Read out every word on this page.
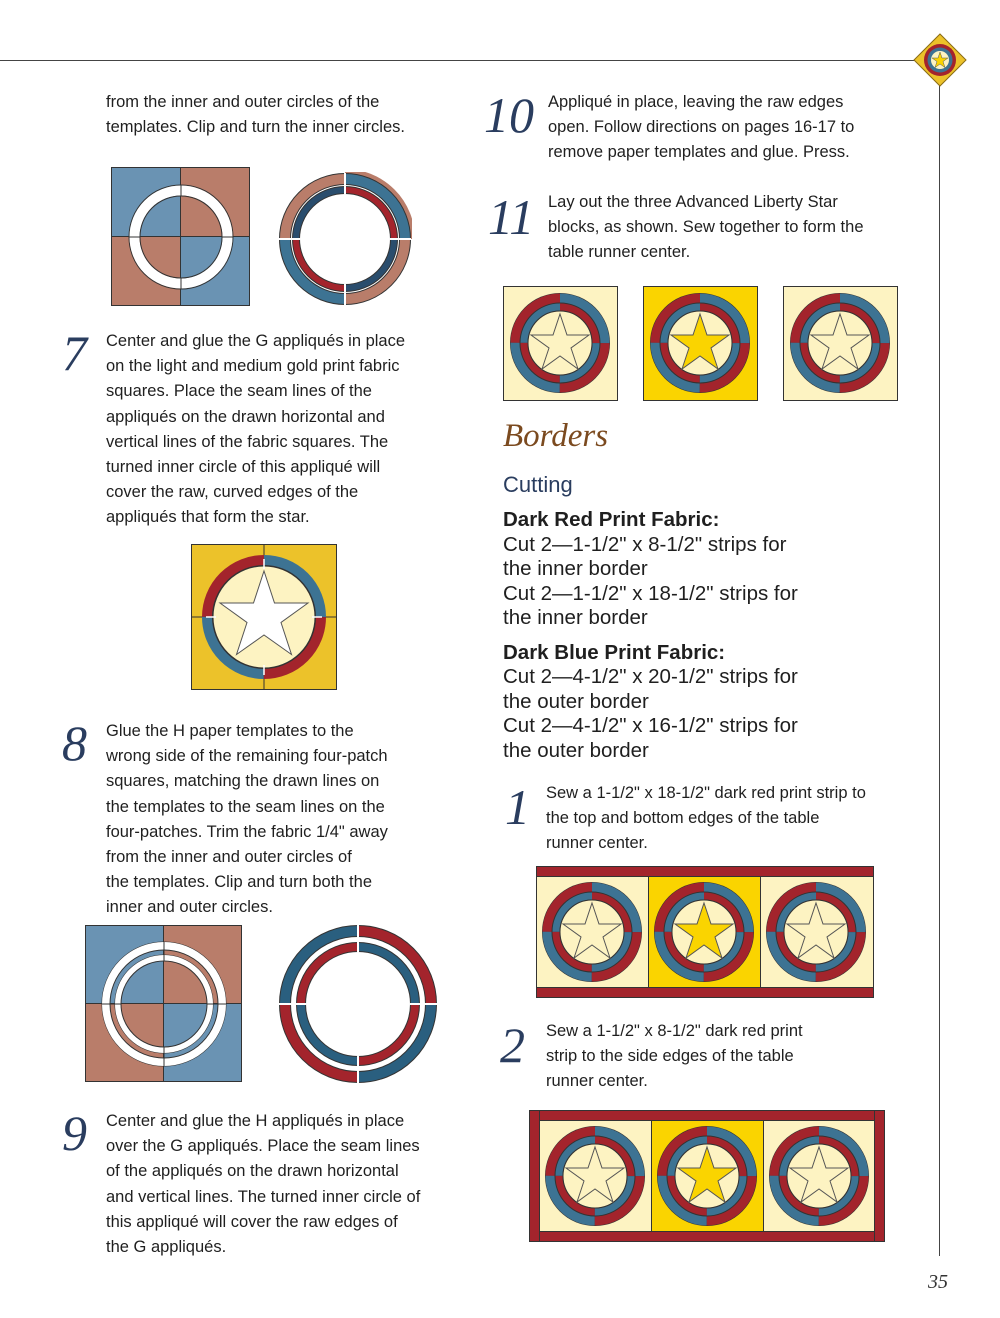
from the inner and outer circles of the
templates. Clip and turn the inner circles.
7 Center and glue the G appliqués in place
on the light and medium gold print fabric
squares. Place the seam lines of the
appliqués on the drawn horizontal and
vertical lines of the fabric squares. The
turned inner circle of this appliqué will
cover the raw, curved edges of the
appliqués that form the star.
8 Glue the H paper templates to the
wrong side of the remaining four-patch
squares, matching the drawn lines on
the templates to the seam lines on the
four-patches. Trim the fabric 1/4" away
from the inner and outer circles of
the templates. Clip and turn both the
inner and outer circles.
9 Center and glue the H appliqués in place
over the G appliqués. Place the seam lines
of the appliqués on the drawn horizontal
and vertical lines. The turned inner circle of
this appliqué will cover the raw edges of
the G appliqués.
10 Appliqué in place, leaving the raw edges
open. Follow directions on pages 16-17 to
remove paper templates and glue. Press.
11 Lay out the three Advanced Liberty Star
blocks, as shown. Sew together to form the
table runner center.
Borders
Cutting
Dark Red Print Fabric:
Cut 2—1-1/2" x 8-1/2" strips for
the inner border
Cut 2—1-1/2" x 18-1/2" strips for
the inner border
Dark Blue Print Fabric:
Cut 2—4-1/2" x 20-1/2" strips for
the outer border
Cut 2—4-1/2" x 16-1/2" strips for
the outer border
1 Sew a 1-1/2" x 18-1/2" dark red print strip to
the top and bottom edges of the table
runner center.
2 Sew a 1-1/2" x 8-1/2" dark red print
strip to the side edges of the table
runner center.
35
